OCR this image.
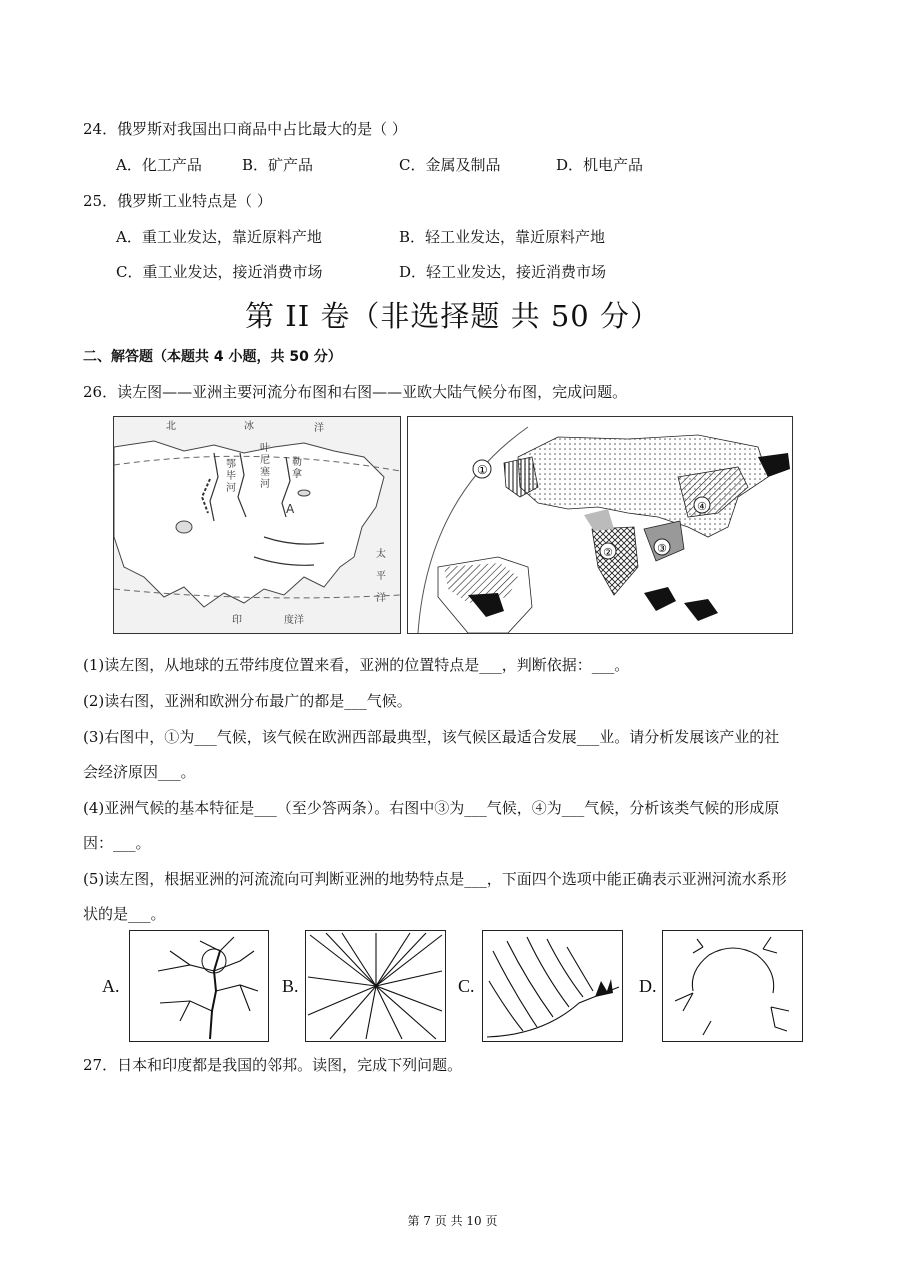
24．俄罗斯对我国出口商品中占比最大的是（ ）
A．化工产品	B．矿产品	C．金属及制品	D．机电产品
25．俄罗斯工业特点是（ ）
A．重工业发达，靠近原料产地	B．轻工业发达，靠近原料产地
C．重工业发达，接近消费市场	D．轻工业发达，接近消费市场
第 II 卷（非选择题 共 50 分）
二、解答题（本题共 4 小题，共 50 分）
26．读左图——亚洲主要河流分布图和右图——亚欧大陆气候分布图，完成问题。
北	冰	洋
叶
尼
塞
河
鄂
毕
河
勒
拿
A
太
平
洋
印	度洋
①
②	③
④
(1)读左图，从地球的五带纬度位置来看，亚洲的位置特点是___，判断依据：___。
(2)读右图，亚洲和欧洲分布最广的都是___气候。
(3)右图中，①为___气候，该气候在欧洲西部最典型，该气候区最适合发展___业。请分析发展该产业的社
会经济原因___。
(4)亚洲气候的基本特征是___（至少答两条）。右图中③为___气候，④为___气候，分析该类气候的形成原
因：___。
(5)读左图，根据亚洲的河流流向可判断亚洲的地势特点是___，下面四个选项中能正确表示亚洲河流水系形
状的是___。
A.	B.	C.	D.
27．日本和印度都是我国的邻邦。读图，完成下列问题。
第 7 页 共 10 页
